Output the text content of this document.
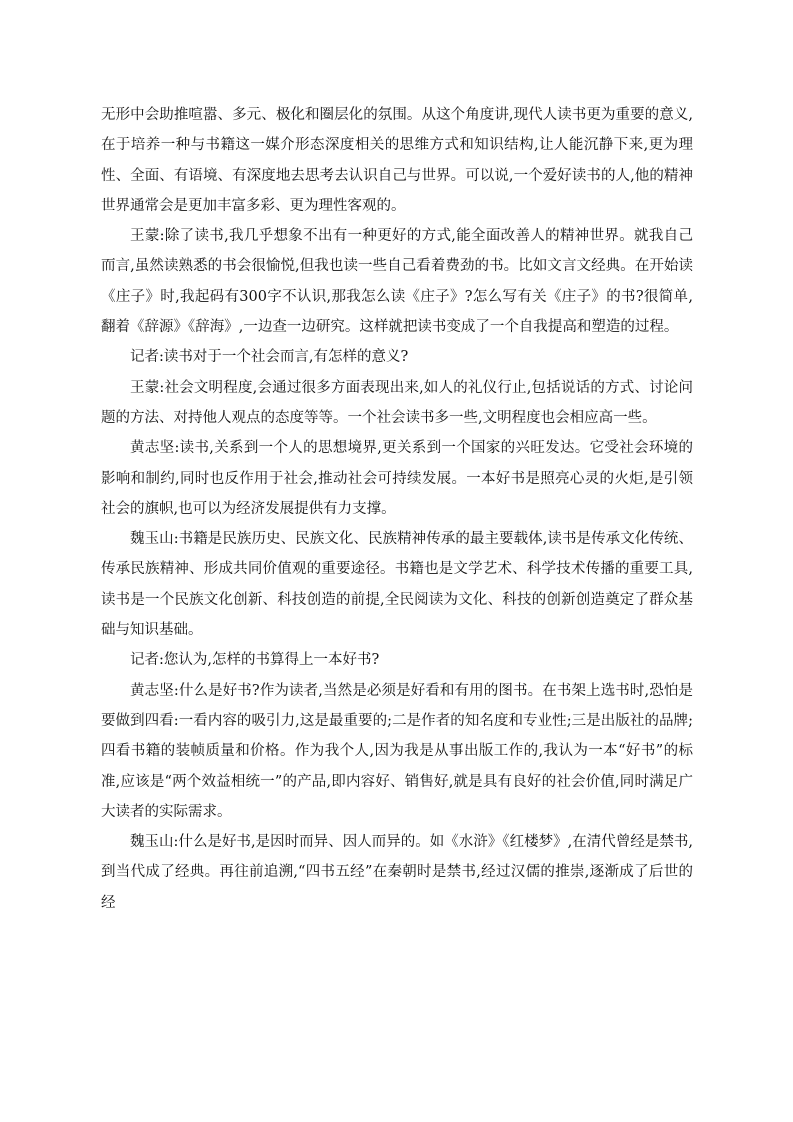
无形中会助推喧嚣、多元、极化和圈层化的氛围。从这个角度讲,现代人读书更为重要的意义,在于培养一种与书籍这一媒介形态深度相关的思维方式和知识结构,让人能沉静下来,更为理性、全面、有语境、有深度地去思考去认识自己与世界。可以说,一个爱好读书的人,他的精神世界通常会是更加丰富多彩、更为理性客观的。

王蒙:除了读书,我几乎想象不出有一种更好的方式,能全面改善人的精神世界。就我自己而言,虽然读熟悉的书会很愉悦,但我也读一些自己看着费劲的书。比如文言文经典。在开始读《庄子》时,我起码有300字不认识,那我怎么读《庄子》?怎么写有关《庄子》的书?很简单,翻着《辞源》《辞海》,一边查一边研究。这样就把读书变成了一个自我提高和塑造的过程。

记者:读书对于一个社会而言,有怎样的意义?

王蒙:社会文明程度,会通过很多方面表现出来,如人的礼仪行止,包括说话的方式、讨论问题的方法、对持他人观点的态度等等。一个社会读书多一些,文明程度也会相应高一些。

黄志坚:读书,关系到一个人的思想境界,更关系到一个国家的兴旺发达。它受社会环境的影响和制约,同时也反作用于社会,推动社会可持续发展。一本好书是照亮心灵的火炬,是引领社会的旗帜,也可以为经济发展提供有力支撑。

魏玉山:书籍是民族历史、民族文化、民族精神传承的最主要载体,读书是传承文化传统、传承民族精神、形成共同价值观的重要途径。书籍也是文学艺术、科学技术传播的重要工具,读书是一个民族文化创新、科技创造的前提,全民阅读为文化、科技的创新创造奠定了群众基础与知识基础。

记者:您认为,怎样的书算得上一本好书?

黄志坚:什么是好书?作为读者,当然是必须是好看和有用的图书。在书架上选书时,恐怕是要做到四看:一看内容的吸引力,这是最重要的;二是作者的知名度和专业性;三是出版社的品牌;四看书籍的装帧质量和价格。作为我个人,因为我是从事出版工作的,我认为一本“好书”的标准,应该是“两个效益相统一”的产品,即内容好、销售好,就是具有良好的社会价值,同时满足广大读者的实际需求。

魏玉山:什么是好书,是因时而异、因人而异的。如《水浒》《红楼梦》,在清代曾经是禁书,到当代成了经典。再往前追溯,“四书五经”在秦朝时是禁书,经过汉儒的推崇,逐渐成了后世的经
